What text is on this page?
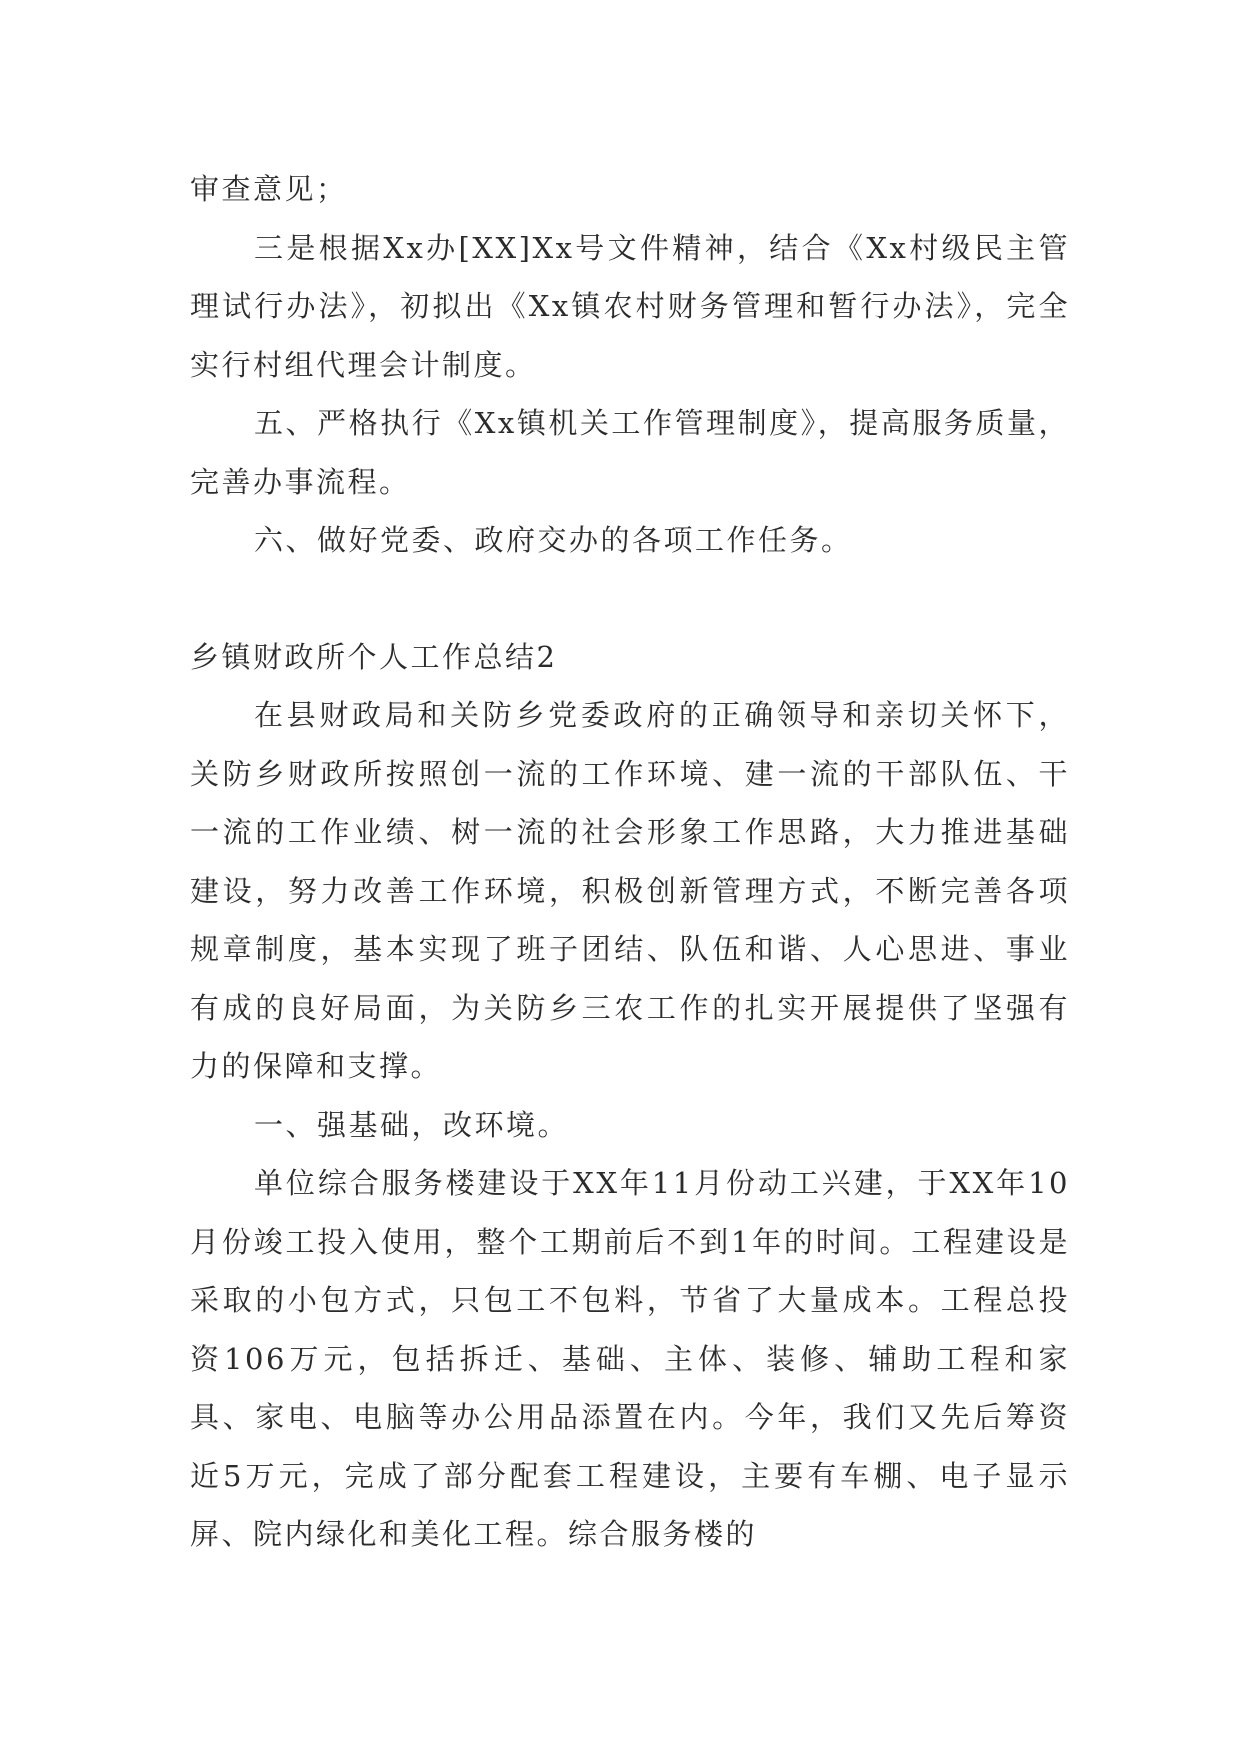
审查意见；

三是根据Xx办[XX]Xx号文件精神，结合《Xx村级民主管理试行办法》，初拟出《Xx镇农村财务管理和暂行办法》，完全实行村组代理会计制度。

五、严格执行《Xx镇机关工作管理制度》，提高服务质量，完善办事流程。

六、做好党委、政府交办的各项工作任务。

乡镇财政所个人工作总结2

在县财政局和关防乡党委政府的正确领导和亲切关怀下，关防乡财政所按照创一流的工作环境、建一流的干部队伍、干一流的工作业绩、树一流的社会形象工作思路，大力推进基础建设，努力改善工作环境，积极创新管理方式，不断完善各项规章制度，基本实现了班子团结、队伍和谐、人心思进、事业有成的良好局面，为关防乡三农工作的扎实开展提供了坚强有力的保障和支撑。

一、强基础，改环境。

单位综合服务楼建设于XX年11月份动工兴建，于XX年10月份竣工投入使用，整个工期前后不到1年的时间。工程建设是采取的小包方式，只包工不包料，节省了大量成本。工程总投资106万元，包括拆迁、基础、主体、装修、辅助工程和家具、家电、电脑等办公用品添置在内。今年，我们又先后筹资近5万元，完成了部分配套工程建设，主要有车棚、电子显示屏、院内绿化和美化工程。综合服务楼的
